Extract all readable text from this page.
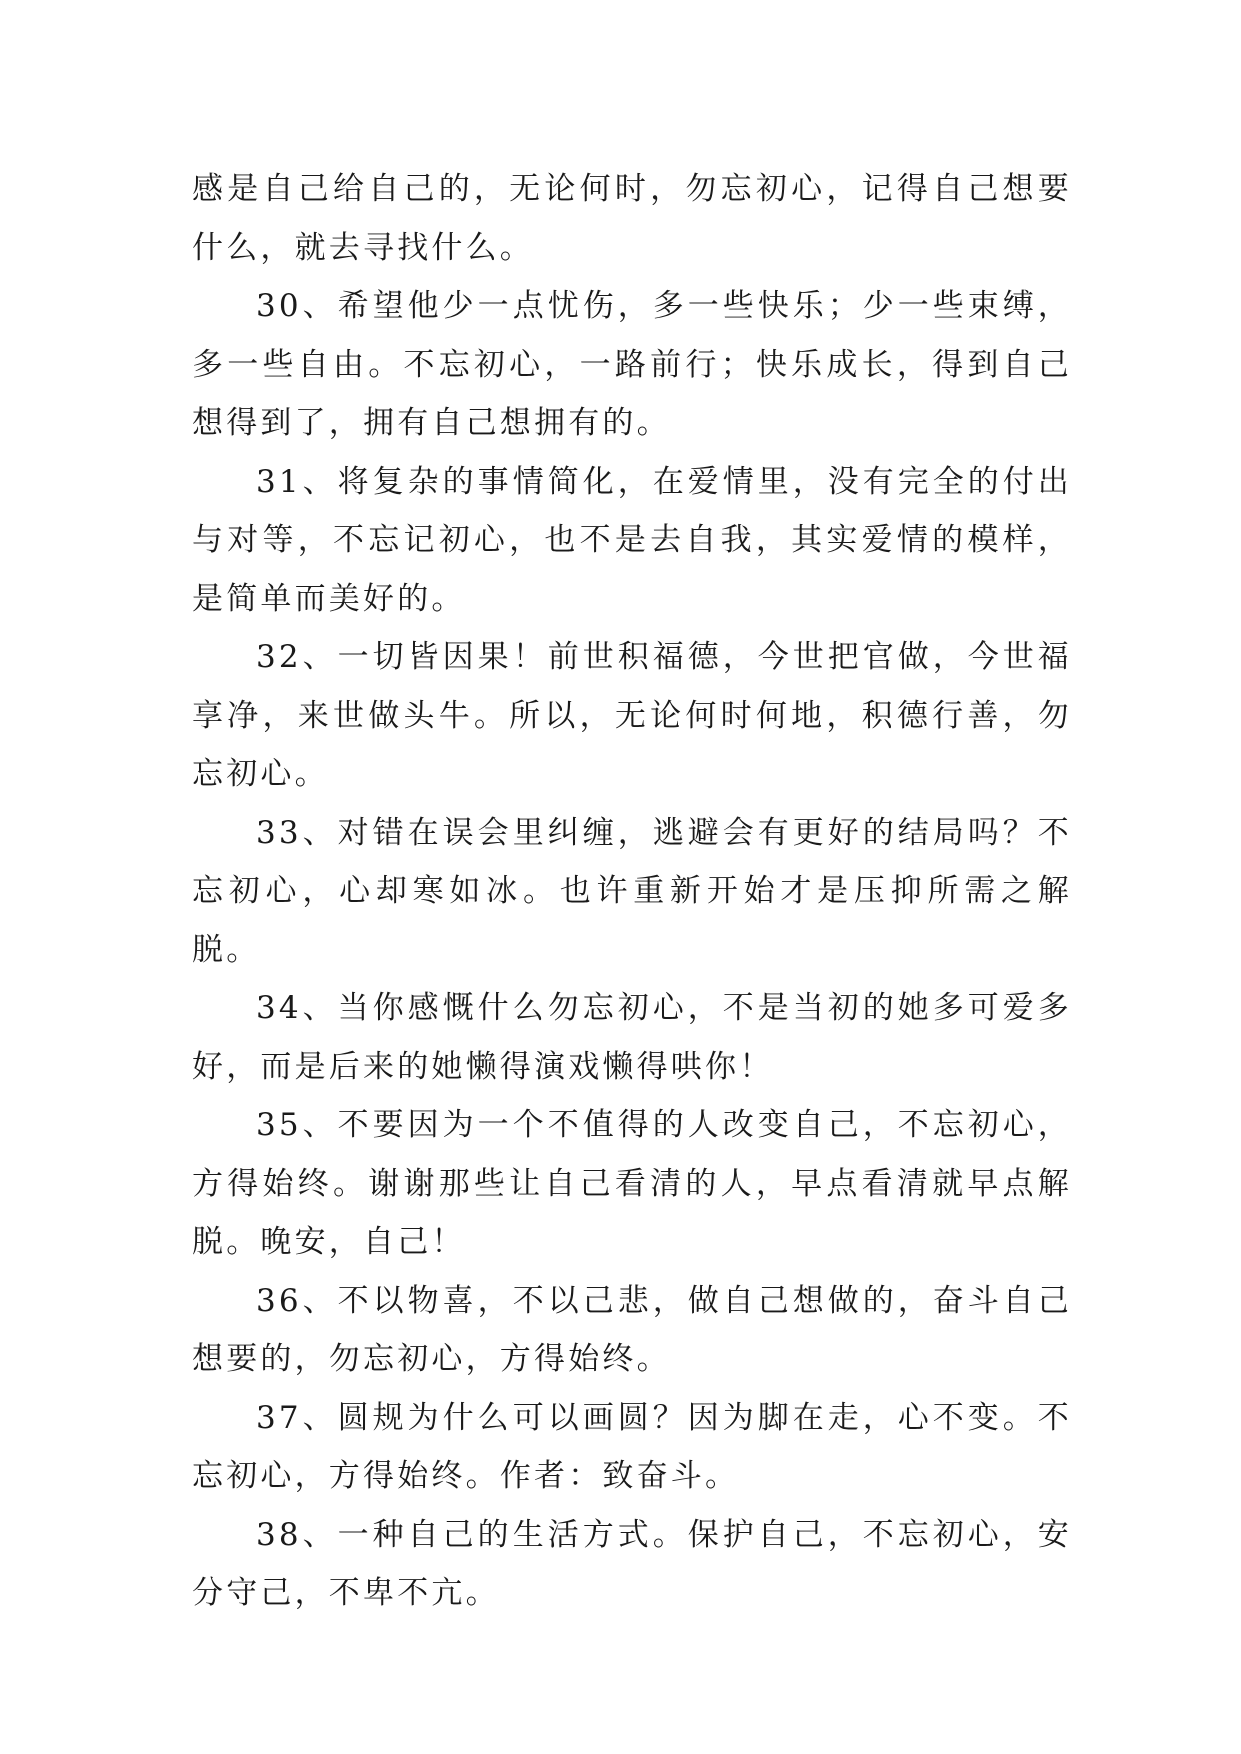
感是自己给自己的，无论何时，勿忘初心，记得自己想要什么，就去寻找什么。

30、希望他少一点忧伤，多一些快乐；少一些束缚，多一些自由。不忘初心，一路前行；快乐成长，得到自己想得到了，拥有自己想拥有的。

31、将复杂的事情简化，在爱情里，没有完全的付出与对等，不忘记初心，也不是去自我，其实爱情的模样，是简单而美好的。

32、一切皆因果！前世积福德，今世把官做，今世福享净，来世做头牛。所以，无论何时何地，积德行善，勿忘初心。

33、对错在误会里纠缠，逃避会有更好的结局吗？不忘初心，心却寒如冰。也许重新开始才是压抑所需之解脱。

34、当你感慨什么勿忘初心，不是当初的她多可爱多好，而是后来的她懒得演戏懒得哄你！

35、不要因为一个不值得的人改变自己，不忘初心，方得始终。谢谢那些让自己看清的人，早点看清就早点解脱。晚安，自己！

36、不以物喜，不以己悲，做自己想做的，奋斗自己想要的，勿忘初心，方得始终。

37、圆规为什么可以画圆？因为脚在走，心不变。不忘初心，方得始终。作者：致奋斗。

38、一种自己的生活方式。保护自己，不忘初心，安分守己，不卑不亢。
